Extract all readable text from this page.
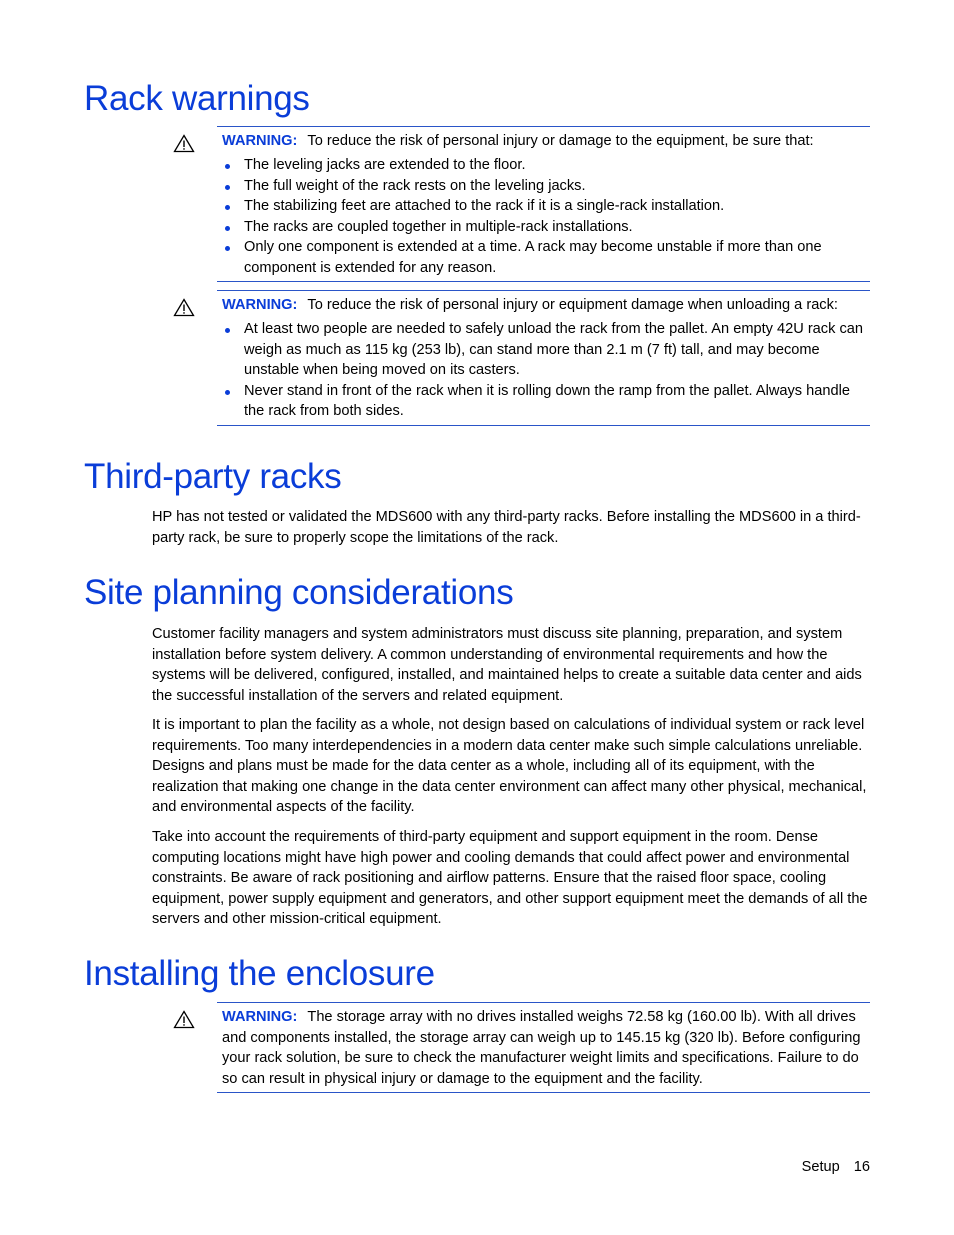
Rack warnings
WARNING: To reduce the risk of personal injury or damage to the equipment, be sure that:
The leveling jacks are extended to the floor.
The full weight of the rack rests on the leveling jacks.
The stabilizing feet are attached to the rack if it is a single-rack installation.
The racks are coupled together in multiple-rack installations.
Only one component is extended at a time. A rack may become unstable if more than one component is extended for any reason.
WARNING: To reduce the risk of personal injury or equipment damage when unloading a rack:
At least two people are needed to safely unload the rack from the pallet. An empty 42U rack can weigh as much as 115 kg (253 lb), can stand more than 2.1 m (7 ft) tall, and may become unstable when being moved on its casters.
Never stand in front of the rack when it is rolling down the ramp from the pallet. Always handle the rack from both sides.
Third-party racks

HP has not tested or validated the MDS600 with any third-party racks. Before installing the MDS600 in a third-party rack, be sure to properly scope the limitations of the rack.

Site planning considerations

Customer facility managers and system administrators must discuss site planning, preparation, and system installation before system delivery. A common understanding of environmental requirements and how the systems will be delivered, configured, installed, and maintained helps to create a suitable data center and aids the successful installation of the servers and related equipment.

It is important to plan the facility as a whole, not design based on calculations of individual system or rack level requirements. Too many interdependencies in a modern data center make such simple calculations unreliable. Designs and plans must be made for the data center as a whole, including all of its equipment, with the realization that making one change in the data center environment can affect many other physical, mechanical, and environmental aspects of the facility.

Take into account the requirements of third-party equipment and support equipment in the room. Dense computing locations might have high power and cooling demands that could affect power and environmental constraints. Be aware of rack positioning and airflow patterns. Ensure that the raised floor space, cooling equipment, power supply equipment and generators, and other support equipment meet the demands of all the servers and other mission-critical equipment.

Installing the enclosure
WARNING: The storage array with no drives installed weighs 72.58 kg (160.00 lb). With all drives and components installed, the storage array can weigh up to 145.15 kg (320 lb). Before configuring your rack solution, be sure to check the manufacturer weight limits and specifications. Failure to do so can result in physical injury or damage to the equipment and the facility.
Setup 16
